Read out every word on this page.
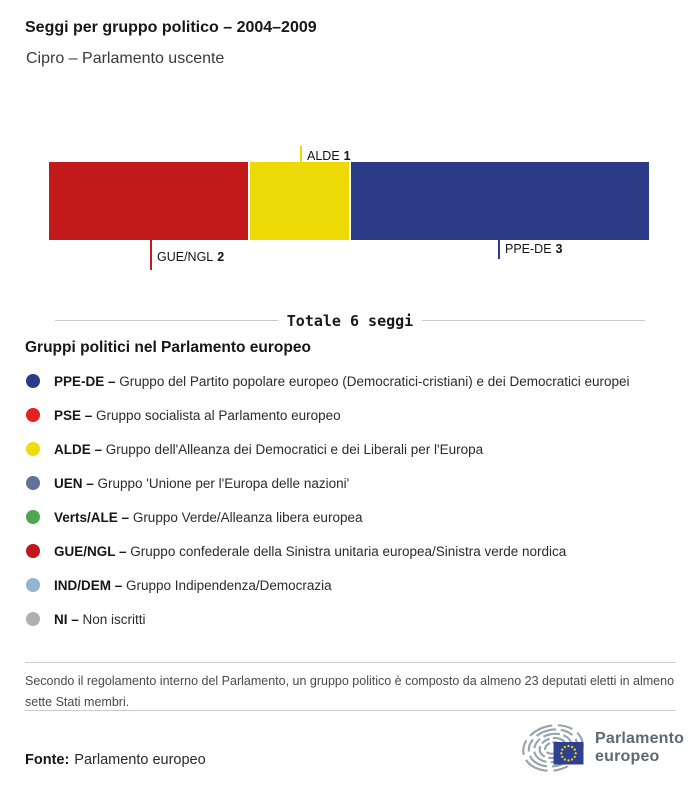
Seggi per gruppo politico – 2004–2009
Cipro – Parlamento uscente
ALDE 1
GUE/NGL 2
PPE-DE 3
Totale 6 seggi
Gruppi politici nel Parlamento europeo
PPE-DE – Gruppo del Partito popolare europeo (Democratici-cristiani) e dei Democratici europei
PSE – Gruppo socialista al Parlamento europeo
ALDE – Gruppo dell'Alleanza dei Democratici e dei Liberali per l'Europa
UEN – Gruppo 'Unione per l'Europa delle nazioni'
Verts/ALE – Gruppo Verde/Alleanza libera europea
GUE/NGL – Gruppo confederale della Sinistra unitaria europea/Sinistra verde nordica
IND/DEM – Gruppo Indipendenza/Democrazia
NI – Non iscritti
Secondo il regolamento interno del Parlamento, un gruppo politico è composto da almeno 23 deputati eletti in almeno sette Stati membri.
Fonte: Parlamento europeo
Parlamento
europeo
